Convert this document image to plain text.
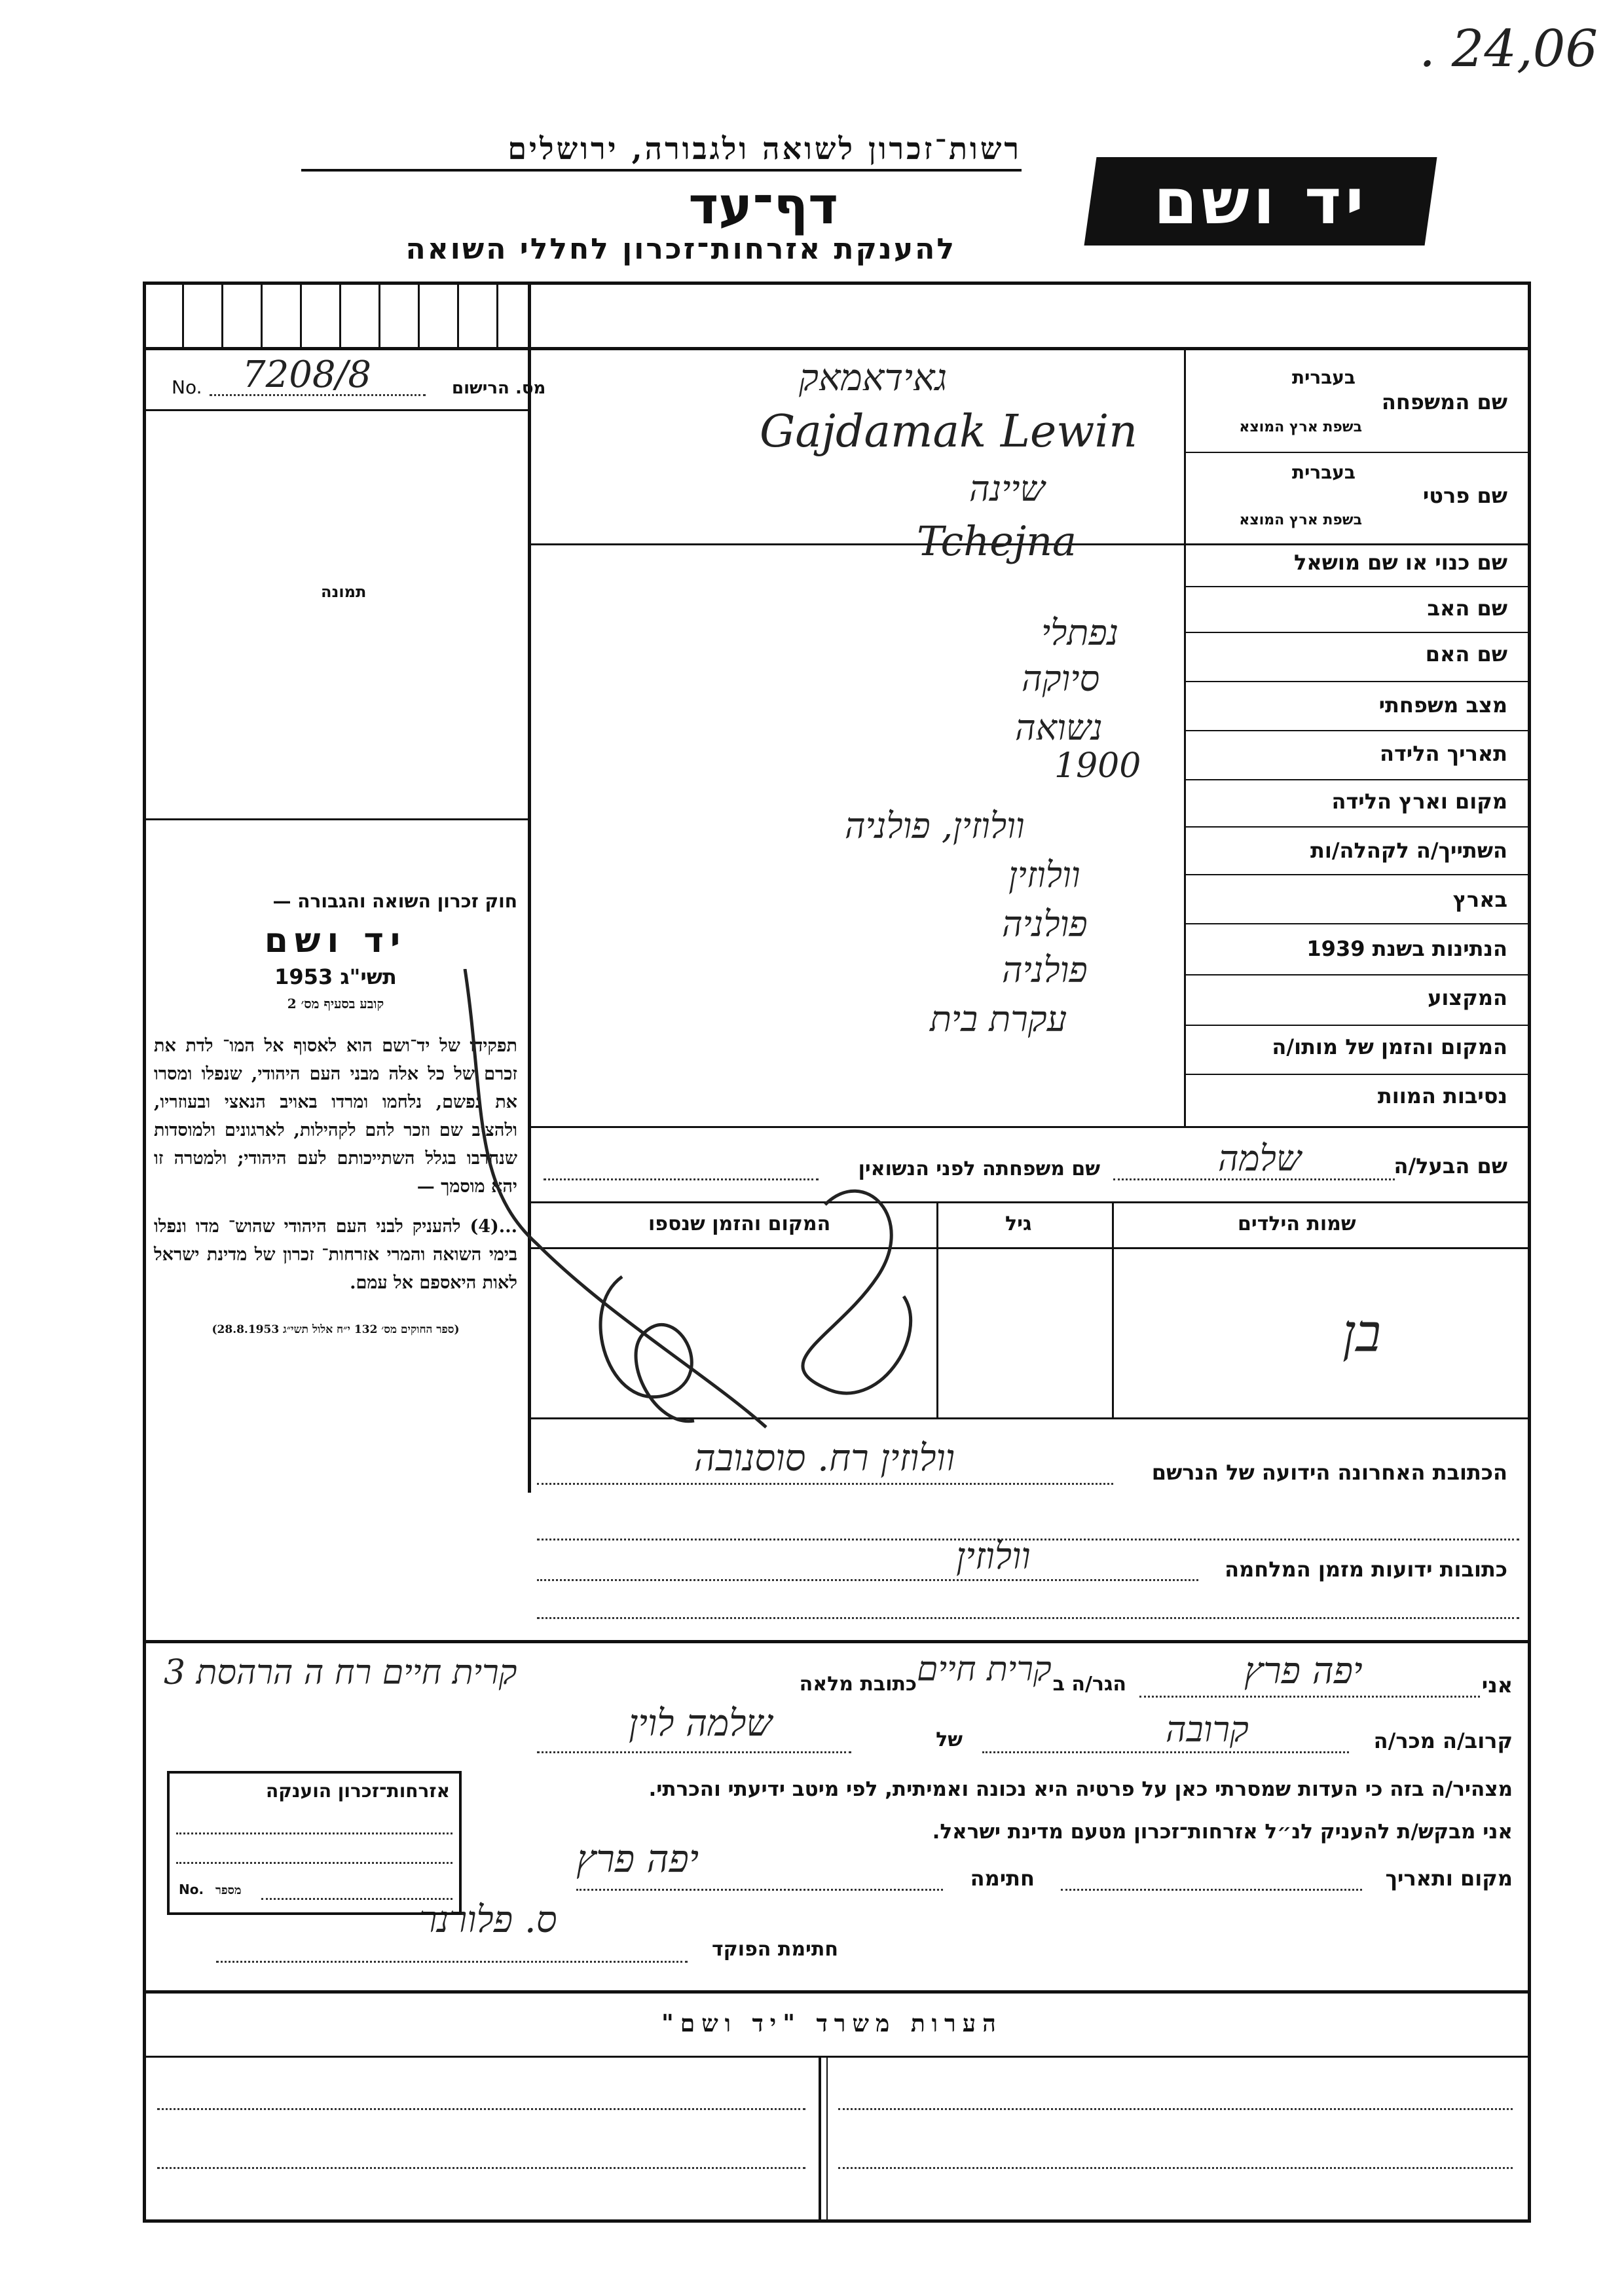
. 24,06
רשות־זכרון לשואה ולגבורה, ירושלים
דף־עד
להענקת אזרחות־זכרון לחללי השואה
יד ושם
מס. הרישום
No. 7208/8
תמונה
חוק זכרון השואה והגבורה —
יד ושם
תשי"ג 1953
קובע בסעיף מס׳ 2
תפקידו של יד־ושם הוא לאסוף אל המו־ לדת את זכרם של כל אלה מבני העם היהודי, שנפלו ומסרו את נפשם, נלחמו ומרדו באויב הנאצי ובעוזריו, ולהציב שם וזכר להם לקהילות, לארגונים ולמוסדות שנחרבו בגלל השתייכותם לעם היהודי; ולמטרה זו יהא מוסמך —
...(4) להעניק לבני העם היהודי שהוש־ מדו ונפלו בימי השואה והמרי אזרחות־ זכרון של מדינת ישראל לאות היאספם אל עמם.
(ספר החוקים מס׳ 132 י״ח אלול תשי״ג 28.8.1953)
בעברית
שם המשפחה
בשפת ארץ המוצא
בעברית
שם פרטי
בשפת ארץ המוצא
שם כנוי או שם מושאל
שם האב
שם האם
מצב משפחתי
תאריך הלידה
מקום וארץ הלידה
השתייך/ה לקהלה/ות
בארץ
הנתינות בשנת 1939
המקצוע
המקום והזמן של מותו/ה
נסיבות המוות
גאידאמאק
Gajdamak Lewin
שיינה
Tchejna
נפתלי
סיוקה
נשואה
1900
וולוזין, פולניה
וולוזין
פולניה
פולניה
עקרת בית
שם הבעל/ה
שלמה
שם משפחתה לפני הנשואין
שמות הילדים
גיל
המקום והזמן שנספו
בן
הכתובת האחרונה הידועה של הנרשם
וולוזין רח. סוסנובה
כתובות ידועות מזמן המלחמה
וולוזין
אני
יפה פרץ
הגר/ה ב
קרית חיים
כתובת מלאה
קרית חיים רח ה הרהסת 3
קרוב/ה מכר/ה
קרובה
של
שלמה לוין
מצהיר/ה בזה כי העדות שמסרתי כאן על פרטיה היא נכונה ואמיתית, לפי מיטב ידיעתי והכרתי.
אני מבקש/ת להעניק לנ״ל אזרחות־זכרון מטעם מדינת ישראל.
מקום ותאריך
חתימה
יפה פרץ
חתימת הפוקד
ס. פלורנר
אזרחות־זכרון הוענקה
No. מספר
הערות משרד "יד ושם"
